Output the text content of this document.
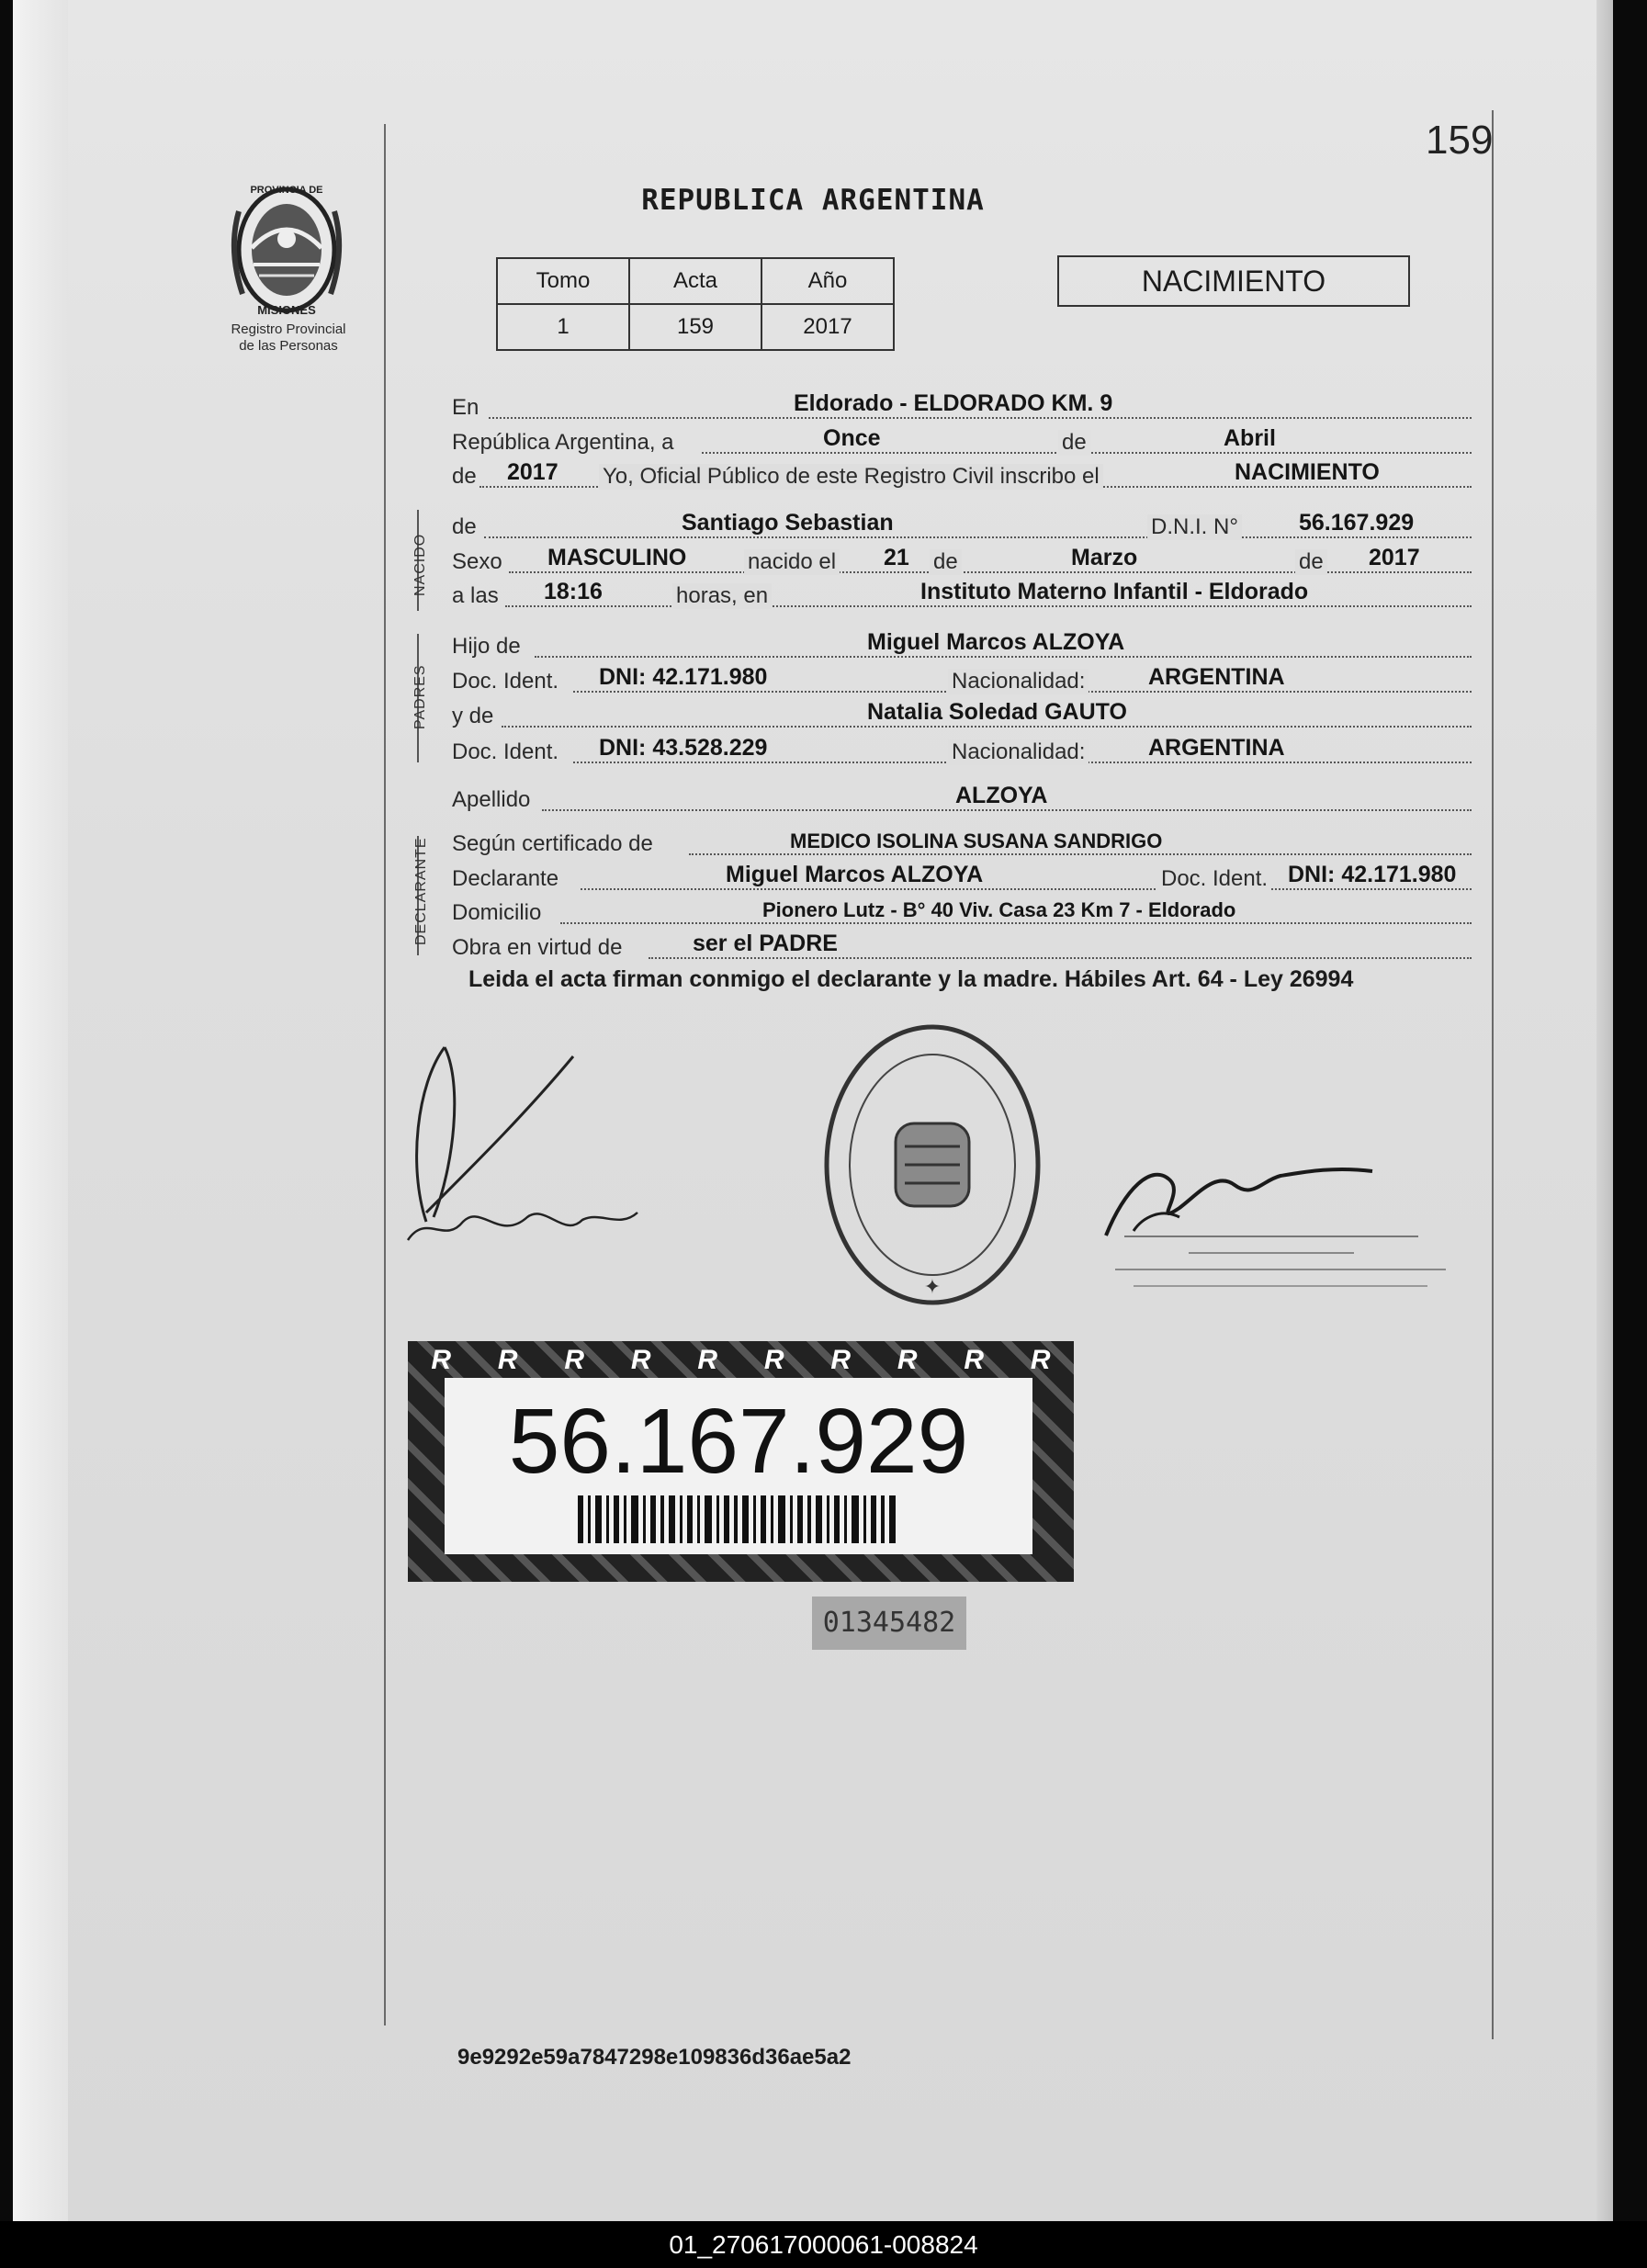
159
PROVINCIA DE
MISIONES
Registro Provincial
de las Personas
REPUBLICA ARGENTINA
Tomo	Acta	Año
1	159	2017
NACIMIENTO
NACIDO
PADRES
DECLARANTE
En	Eldorado - ELDORADO KM. 9
República Argentina, a	Once	de	Abril
de 2017 Yo, Oficial Público de este Registro Civil inscribo el	NACIMIENTO
de	Santiago Sebastian	D.N.I. N°	56.167.929
Sexo MASCULINO	nacido el 21 de	Marzo	de 2017
a las 18:16	horas, en	Instituto Materno Infantil - Eldorado
Hijo de	Miguel Marcos ALZOYA
Doc. Ident. DNI: 42.171.980	Nacionalidad:	ARGENTINA
y de	Natalia Soledad GAUTO
Doc. Ident. DNI: 43.528.229	Nacionalidad:	ARGENTINA
Apellido	ALZOYA
Según certificado de	MEDICO ISOLINA SUSANA SANDRIGO
Declarante	Miguel Marcos ALZOYA	Doc. Ident. DNI: 42.171.980
Domicilio	Pionero Lutz - B° 40 Viv. Casa 23 Km 7 - Eldorado
Obra en virtud de	ser el PADRE
Leida el acta firman conmigo el declarante y la madre. Hábiles Art. 64 - Ley 26994
✦
R	R	R	R	R	R	R	R	R	R
56.167.929
01345482
9e9292e59a7847298e109836d36ae5a2
01_270617000061-008824
